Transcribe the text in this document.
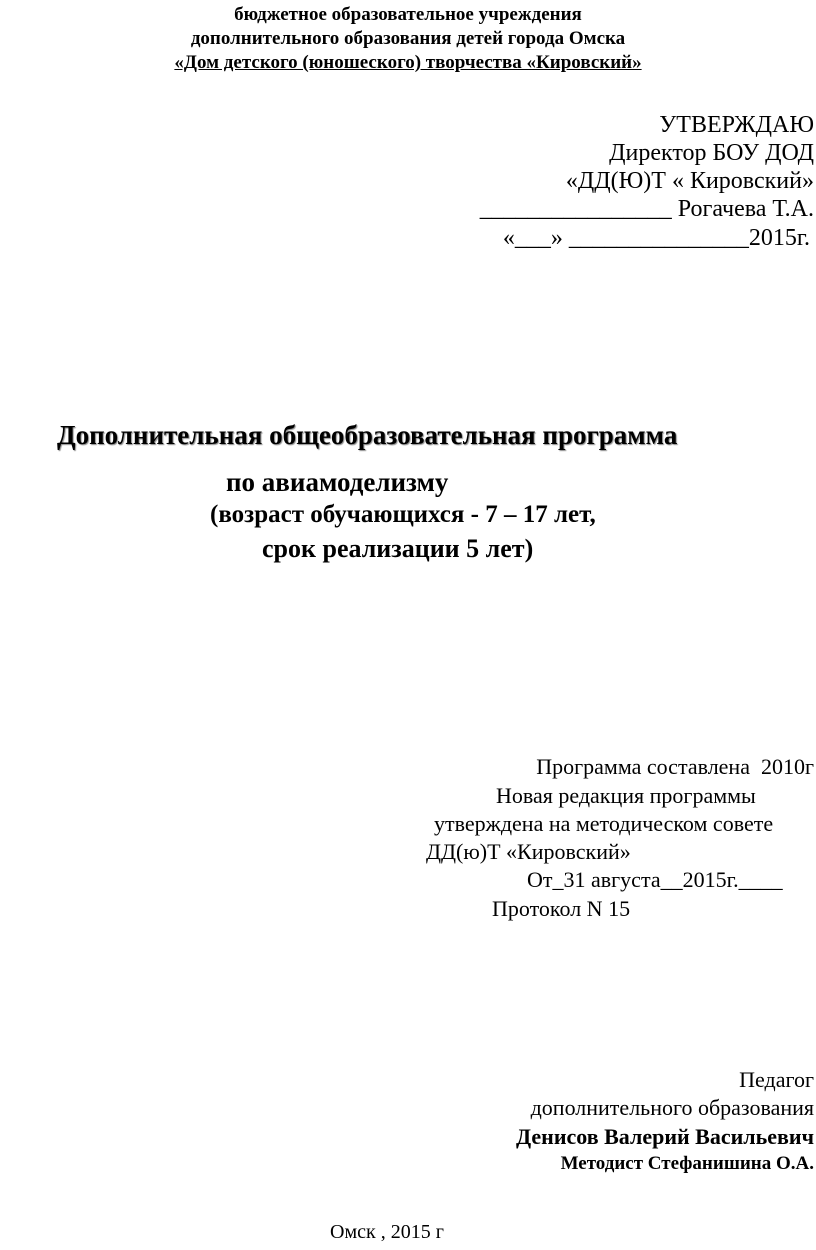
бюджетное образовательное учреждения
дополнительного образования детей города Омска
«Дом детского (юношеского) творчества «Кировский»
УТВЕРЖДАЮ
Директор БОУ ДОД
«ДД(Ю)Т « Кировский»
________________ Рогачева Т.А.
«___» _______________2015г.
Дополнительная общеобразовательная программа
по авиамоделизму
(возраст обучающихся - 7 – 17 лет,
срок реализации 5 лет)
Программа составлена  2010г
Новая редакция программы
утверждена на методическом совете
ДД(ю)Т «Кировский»
От_31 августа__2015г.____
Протокол N 15
Педагог
дополнительного образования
Денисов Валерий Васильевич
Методист Стефанишина О.А.
Омск , 2015 г
